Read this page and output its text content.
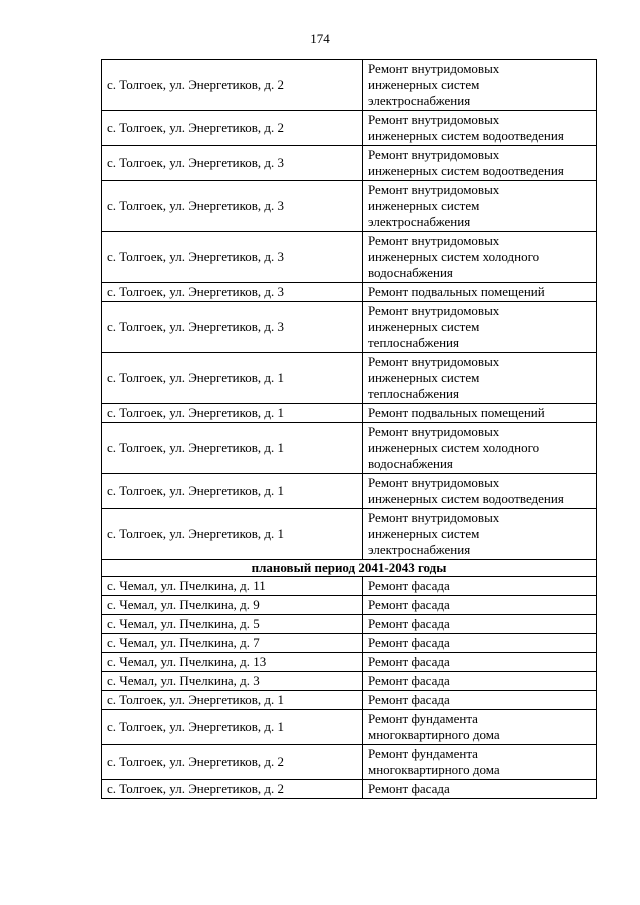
174
с. Толгоек, ул. Энергетиков, д. 2	Ремонт внутридомовых
инженерных систем
электроснабжения

с. Толгоек, ул. Энергетиков, д. 2	Ремонт внутридомовых
инженерных систем водоотведения

с. Толгоек, ул. Энергетиков, д. 3	Ремонт внутридомовых
инженерных систем водоотведения

с. Толгоек, ул. Энергетиков, д. 3	Ремонт внутридомовых
инженерных систем
электроснабжения

с. Толгоек, ул. Энергетиков, д. 3	Ремонт внутридомовых
инженерных систем холодного
водоснабжения

с. Толгоек, ул. Энергетиков, д. 3	Ремонт подвальных помещений

с. Толгоек, ул. Энергетиков, д. 3	Ремонт внутридомовых
инженерных систем
теплоснабжения

с. Толгоек, ул. Энергетиков, д. 1	Ремонт внутридомовых
инженерных систем
теплоснабжения

с. Толгоек, ул. Энергетиков, д. 1	Ремонт подвальных помещений

с. Толгоек, ул. Энергетиков, д. 1	Ремонт внутридомовых
инженерных систем холодного
водоснабжения

с. Толгоек, ул. Энергетиков, д. 1	Ремонт внутридомовых
инженерных систем водоотведения

с. Толгоек, ул. Энергетиков, д. 1	Ремонт внутридомовых
инженерных систем
электроснабжения

плановый период 2041-2043 годы	
с. Чемал, ул. Пчелкина, д. 11	Ремонт фасада

с. Чемал, ул. Пчелкина, д. 9	Ремонт фасада

с. Чемал, ул. Пчелкина, д. 5	Ремонт фасада

с. Чемал, ул. Пчелкина, д. 7	Ремонт фасада

с. Чемал, ул. Пчелкина, д. 13	Ремонт фасада

с. Чемал, ул. Пчелкина, д. 3	Ремонт фасада

с. Толгоек, ул. Энергетиков, д. 1	Ремонт фасада

с. Толгоек, ул. Энергетиков, д. 1	Ремонт фундамента
многоквартирного дома

с. Толгоек, ул. Энергетиков, д. 2	Ремонт фундамента
многоквартирного дома

с. Толгоек, ул. Энергетиков, д. 2	Ремонт фасада
